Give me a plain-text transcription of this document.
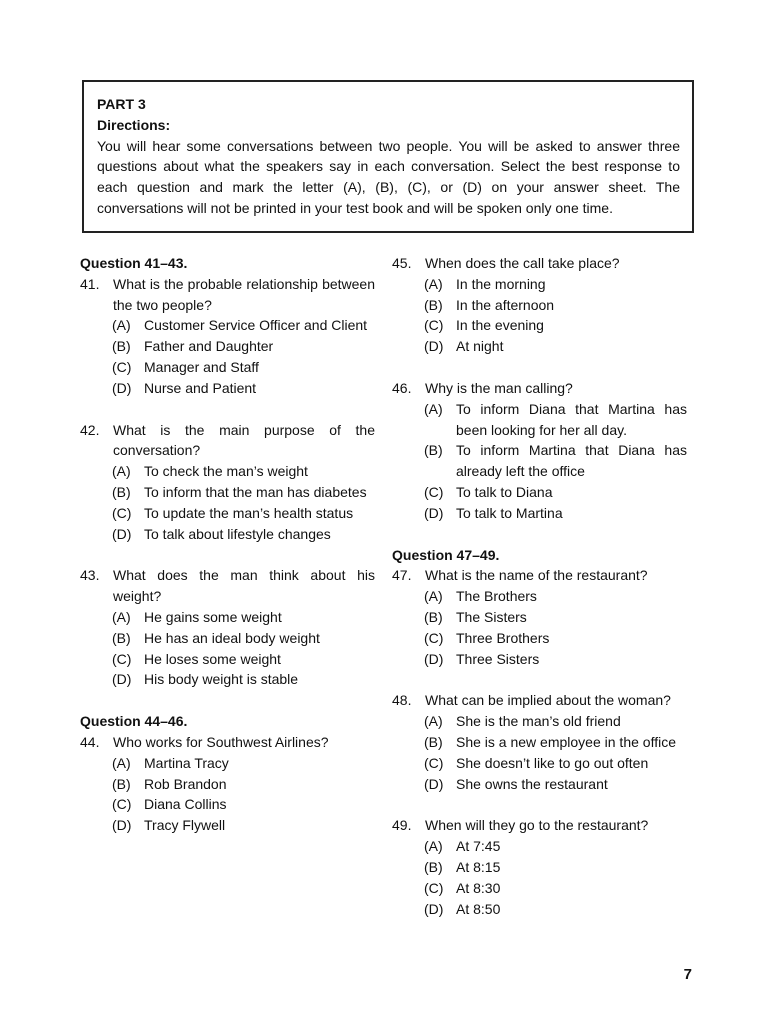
PART 3
Directions:
You will hear some conversations between two people. You will be asked to answer three questions about what the speakers say in each conversation. Select the best response to each question and mark the letter (A), (B), (C), or (D) on your answer sheet. The conversations will not be printed in your test book and will be spoken only one time.
Question 41–43.
41. What is the probable relationship between the two people?
(A) Customer Service Officer and Client
(B) Father and Daughter
(C) Manager and Staff
(D) Nurse and Patient
42. What is the main purpose of the conversation?
(A) To check the man’s weight
(B) To inform that the man has diabetes
(C) To update the man’s health status
(D) To talk about lifestyle changes
43. What does the man think about his weight?
(A) He gains some weight
(B) He has an ideal body weight
(C) He loses some weight
(D) His body weight is stable
Question 44–46.
44. Who works for Southwest Airlines?
(A) Martina Tracy
(B) Rob Brandon
(C) Diana Collins
(D) Tracy Flywell
45. When does the call take place?
(A) In the morning
(B) In the afternoon
(C) In the evening
(D) At night
46. Why is the man calling?
(A) To inform Diana that Martina has been looking for her all day.
(B) To inform Martina that Diana has already left the office
(C) To talk to Diana
(D) To talk to Martina
Question 47–49.
47. What is the name of the restaurant?
(A) The Brothers
(B) The Sisters
(C) Three Brothers
(D) Three Sisters
48. What can be implied about the woman?
(A) She is the man’s old friend
(B) She is a new employee in the office
(C) She doesn’t like to go out often
(D) She owns the restaurant
49. When will they go to the restaurant?
(A) At 7:45
(B) At 8:15
(C) At 8:30
(D) At 8:50
7
